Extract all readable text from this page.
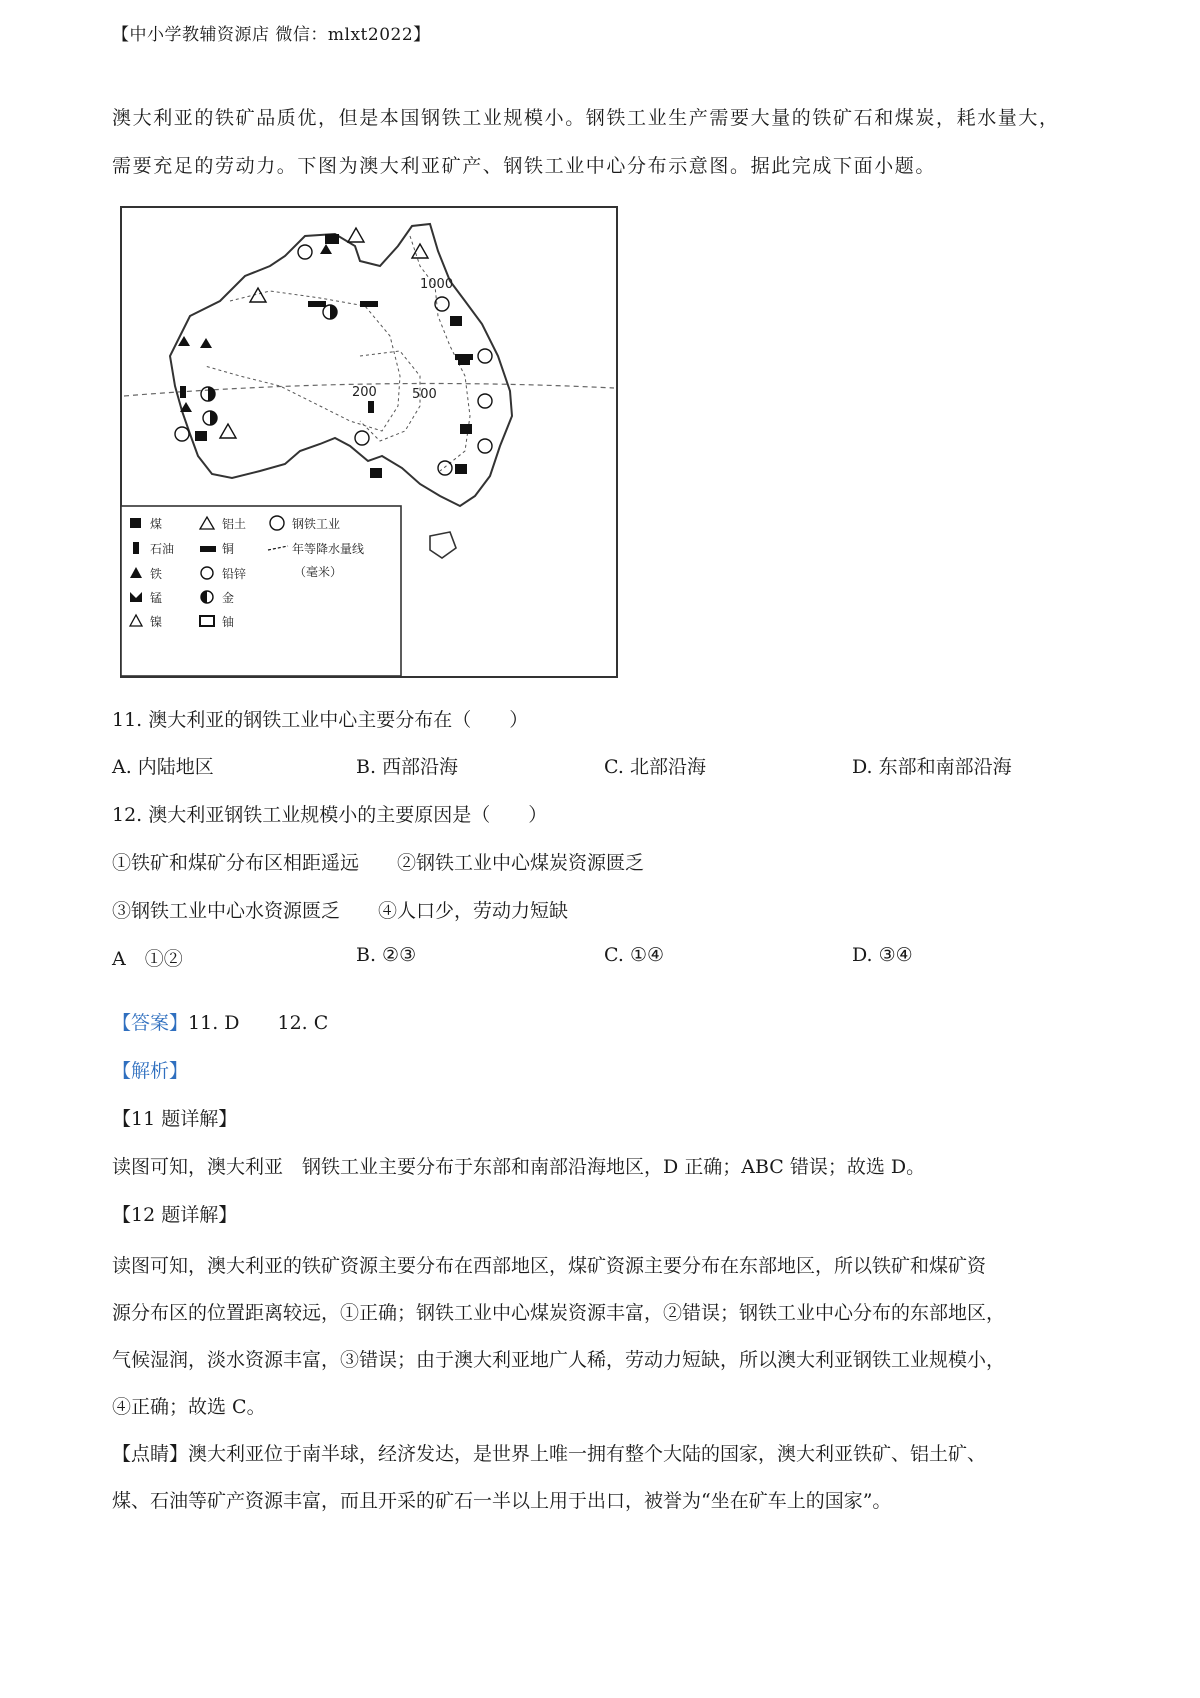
【中小学教辅资源店 微信：mlxt2022】
澳大利亚的铁矿品质优，但是本国钢铁工业规模小。钢铁工业生产需要大量的铁矿石和煤炭，耗水量大，
需要充足的劳动力。下图为澳大利亚矿产、钢铁工业中心分布示意图。据此完成下面小题。
1000
200	500
煤
石油
铁
锰
镍
铝土
铜
铅锌
金
铀
钢铁工业
年等降水量线
（毫米）
11. 澳大利亚的钢铁工业中心主要分布在（　　）
A. 内陆地区	B. 西部沿海	C. 北部沿海	D. 东部和南部沿海
12. 澳大利亚钢铁工业规模小的主要原因是（　　）
①铁矿和煤矿分布区相距遥远　　②钢铁工业中心煤炭资源匮乏
③钢铁工业中心水资源匮乏　　④人口少，劳动力短缺
A　①②	B. ②③	C. ①④	D. ③④
【答案】11. D　　12. C
【解析】
【11 题详解】
读图可知，澳大利亚　钢铁工业主要分布于东部和南部沿海地区，D 正确；ABC 错误；故选 D。
【12 题详解】
读图可知，澳大利亚的铁矿资源主要分布在西部地区，煤矿资源主要分布在东部地区，所以铁矿和煤矿资
源分布区的位置距离较远，①正确；钢铁工业中心煤炭资源丰富，②错误；钢铁工业中心分布的东部地区，
气候湿润，淡水资源丰富，③错误；由于澳大利亚地广人稀，劳动力短缺，所以澳大利亚钢铁工业规模小，
④正确；故选 C。
【点睛】澳大利亚位于南半球，经济发达，是世界上唯一拥有整个大陆的国家，澳大利亚铁矿、铝土矿、
煤、石油等矿产资源丰富，而且开采的矿石一半以上用于出口，被誉为“坐在矿车上的国家”。
